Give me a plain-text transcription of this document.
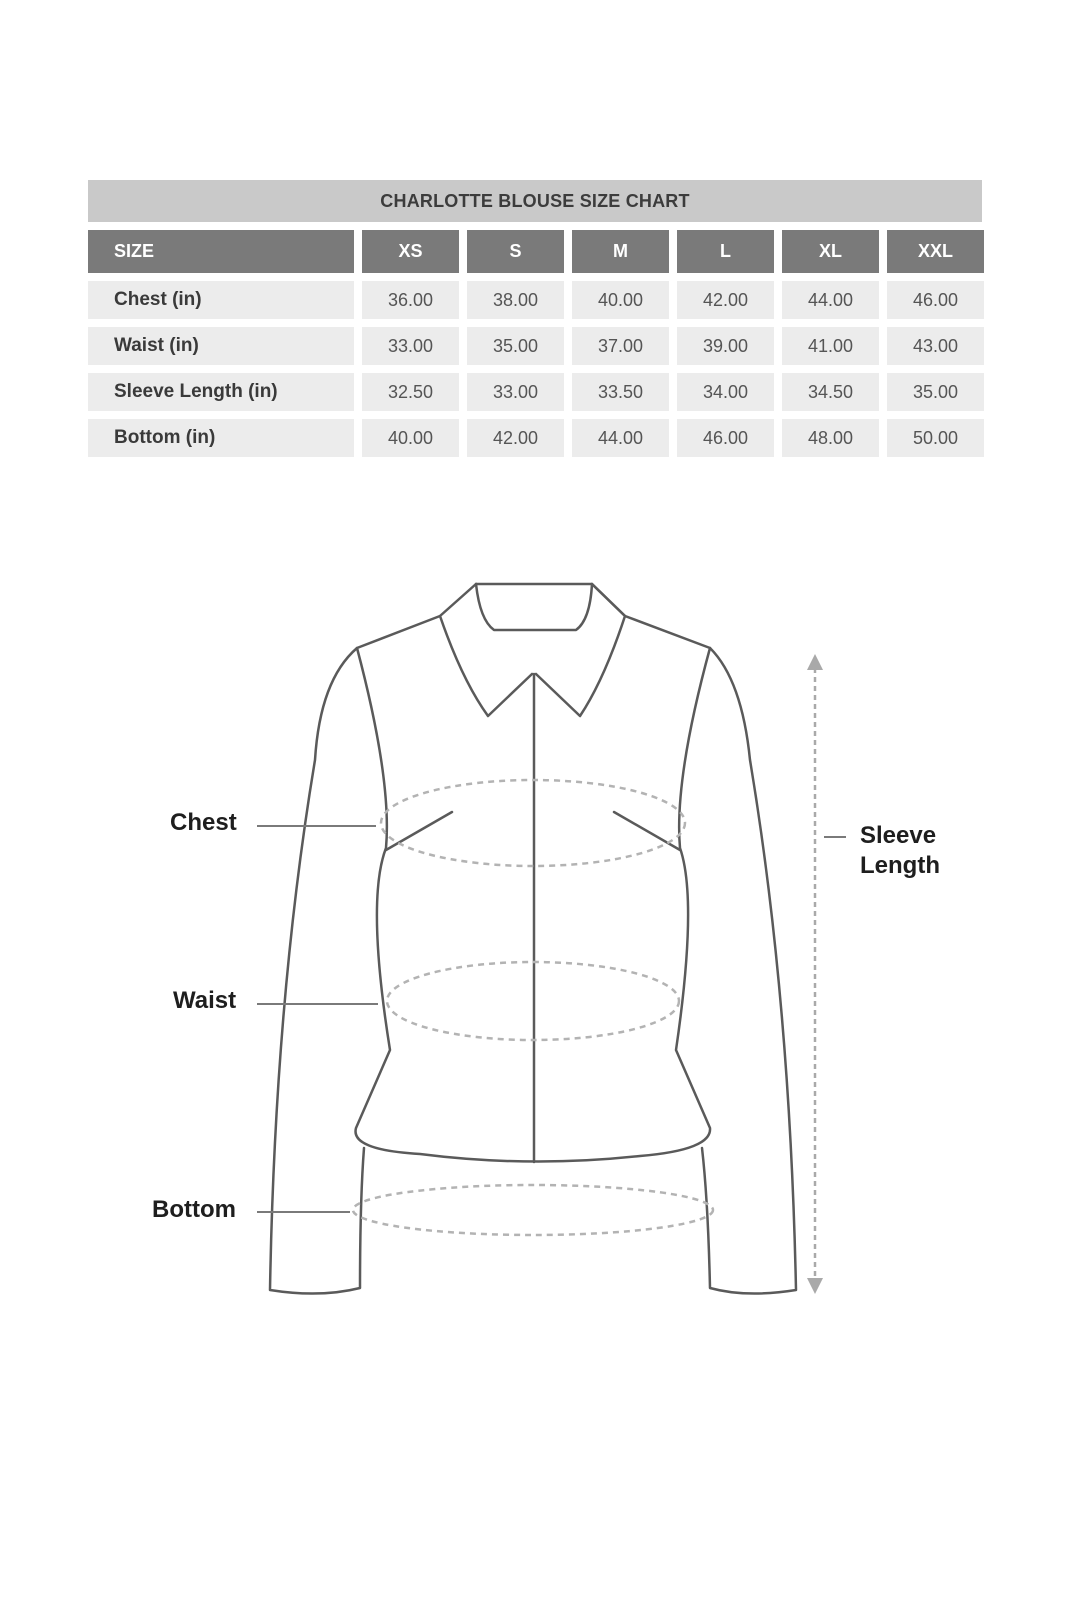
CHARLOTTE BLOUSE SIZE CHART
SIZE	XS	S	M	L	XL	XXL
Chest (in)	36.00	38.00	40.00	42.00	44.00	46.00
Waist (in)	33.00	35.00	37.00	39.00	41.00	43.00
Sleeve Length (in)	32.50	33.00	33.50	34.00	34.50	35.00
Bottom (in)	40.00	42.00	44.00	46.00	48.00	50.00
Chest
Waist
Bottom
Sleeve
Length
